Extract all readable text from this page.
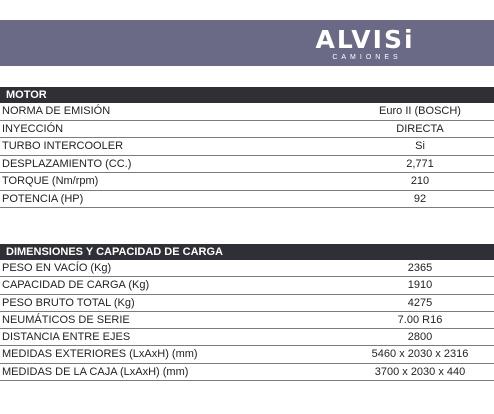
ALVISi
CAMIONES
MOTOR
NORMA DE EMISIÓN	Euro II (BOSCH)
INYECCIÓN	DIRECTA
TURBO INTERCOOLER	Si
DESPLAZAMIENTO (CC.)	2,771
TORQUE (Nm/rpm)	210
POTENCIA (HP)	92
DIMENSIONES Y CAPACIDAD DE CARGA
PESO EN VACÍO (Kg)	2365
CAPACIDAD DE CARGA (Kg)	1910
PESO BRUTO TOTAL (Kg)	4275
NEUMÁTICOS DE SERIE	7.00 R16
DISTANCIA ENTRE EJES	2800
MEDIDAS EXTERIORES (LxAxH) (mm)	5460 x 2030 x 2316
MEDIDAS DE LA CAJA (LxAxH) (mm)	3700 x 2030 x 440
